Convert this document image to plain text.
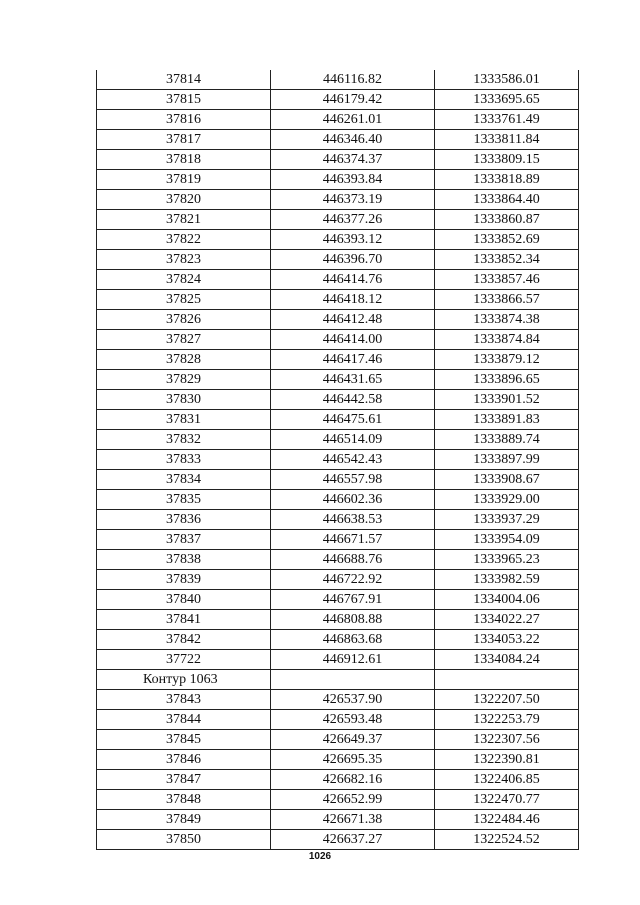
37814	446116.82	1333586.01
37815	446179.42	1333695.65
37816	446261.01	1333761.49
37817	446346.40	1333811.84
37818	446374.37	1333809.15
37819	446393.84	1333818.89
37820	446373.19	1333864.40
37821	446377.26	1333860.87
37822	446393.12	1333852.69
37823	446396.70	1333852.34
37824	446414.76	1333857.46
37825	446418.12	1333866.57
37826	446412.48	1333874.38
37827	446414.00	1333874.84
37828	446417.46	1333879.12
37829	446431.65	1333896.65
37830	446442.58	1333901.52
37831	446475.61	1333891.83
37832	446514.09	1333889.74
37833	446542.43	1333897.99
37834	446557.98	1333908.67
37835	446602.36	1333929.00
37836	446638.53	1333937.29
37837	446671.57	1333954.09
37838	446688.76	1333965.23
37839	446722.92	1333982.59
37840	446767.91	1334004.06
37841	446808.88	1334022.27
37842	446863.68	1334053.22
37722	446912.61	1334084.24
Контур 1063		
37843	426537.90	1322207.50
37844	426593.48	1322253.79
37845	426649.37	1322307.56
37846	426695.35	1322390.81
37847	426682.16	1322406.85
37848	426652.99	1322470.77
37849	426671.38	1322484.46
37850	426637.27	1322524.52
1026
